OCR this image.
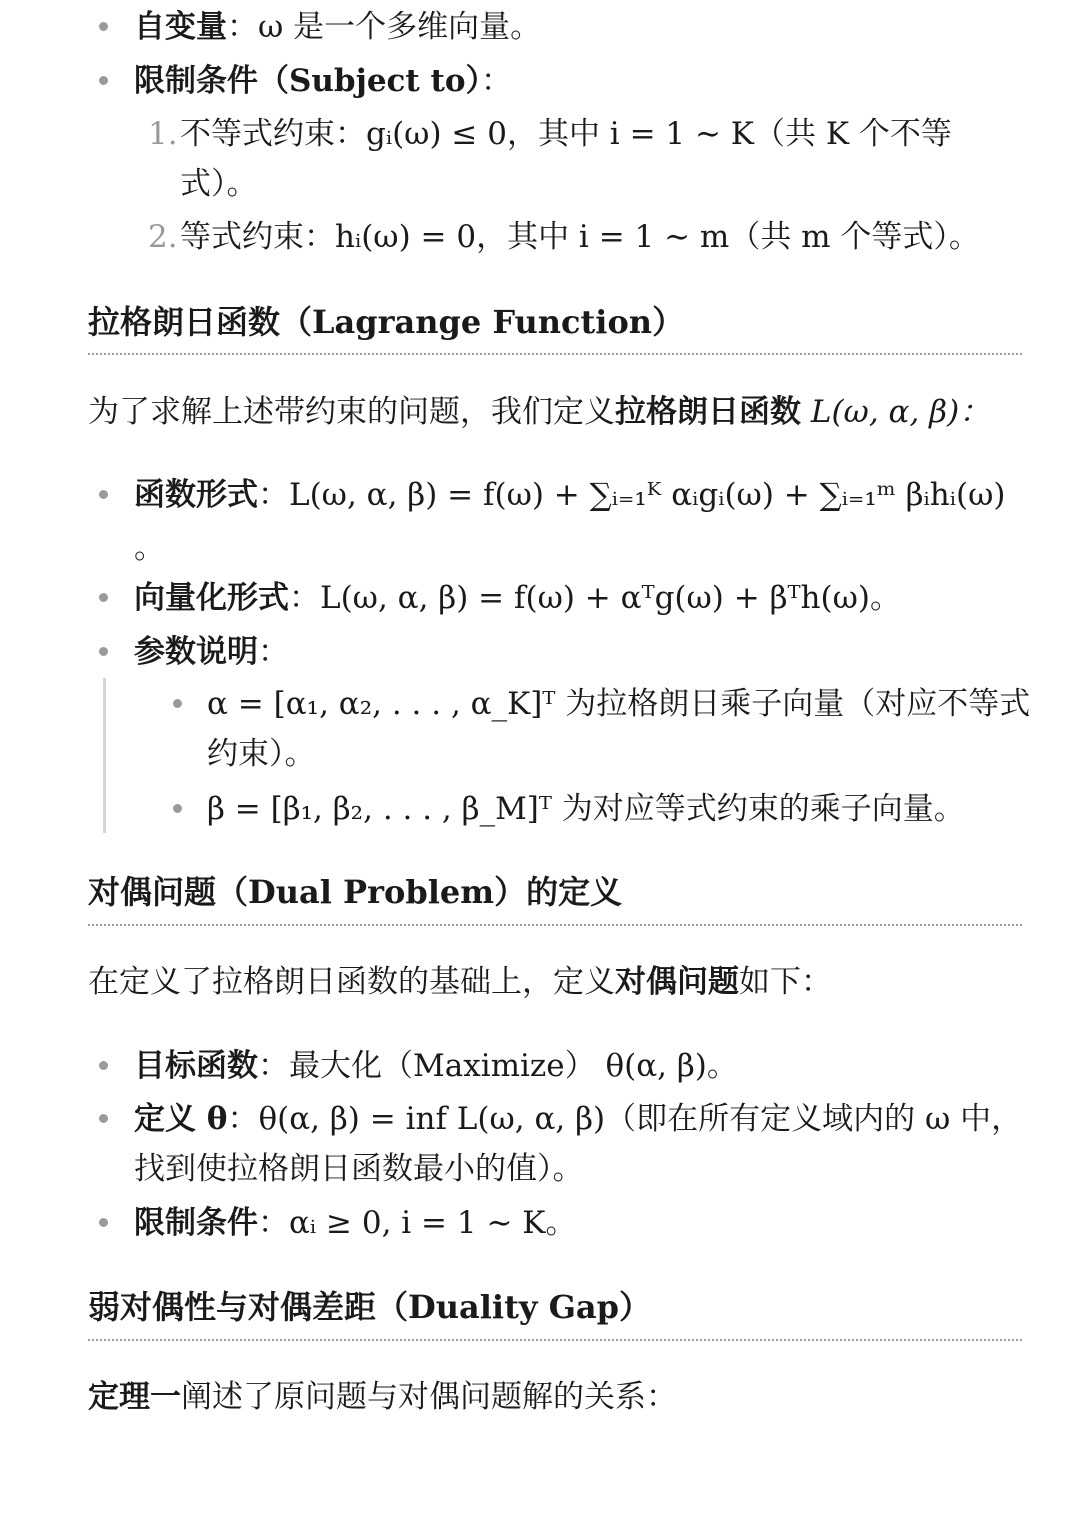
自变量：ω 是一个多维向量。
限制条件（Subject to）：
1. 不等式约束：gᵢ(ω) ≤ 0，其中 i = 1 ∼ K（共 K 个不等
式）。
2. 等式约束：hᵢ(ω) = 0，其中 i = 1 ∼ m（共 m 个等式）。
拉格朗日函数（Lagrange Function）
为了求解上述带约束的问题，我们定义拉格朗日函数 L(ω, α, β)：
函数形式：L(ω, α, β) = f(ω) + ∑ᵢ₌₁ᴷ αᵢgᵢ(ω) + ∑ᵢ₌₁ᵐ βᵢhᵢ(ω)
。
向量化形式：L(ω, α, β) = f(ω) + αᵀg(ω) + βᵀh(ω)。
参数说明：
α = [α₁, α₂, . . . , α_K]ᵀ 为拉格朗日乘子向量（对应不等式
约束）。
β = [β₁, β₂, . . . , β_M]ᵀ 为对应等式约束的乘子向量。
对偶问题（Dual Problem）的定义
在定义了拉格朗日函数的基础上，定义对偶问题如下：
目标函数：最大化（Maximize） θ(α, β)。
定义 θ：θ(α, β) = inf L(ω, α, β)（即在所有定义域内的 ω 中，
找到使拉格朗日函数最小的值）。
限制条件：αᵢ ≥ 0, i = 1 ∼ K。
弱对偶性与对偶差距（Duality Gap）
定理一阐述了原问题与对偶问题解的关系：
